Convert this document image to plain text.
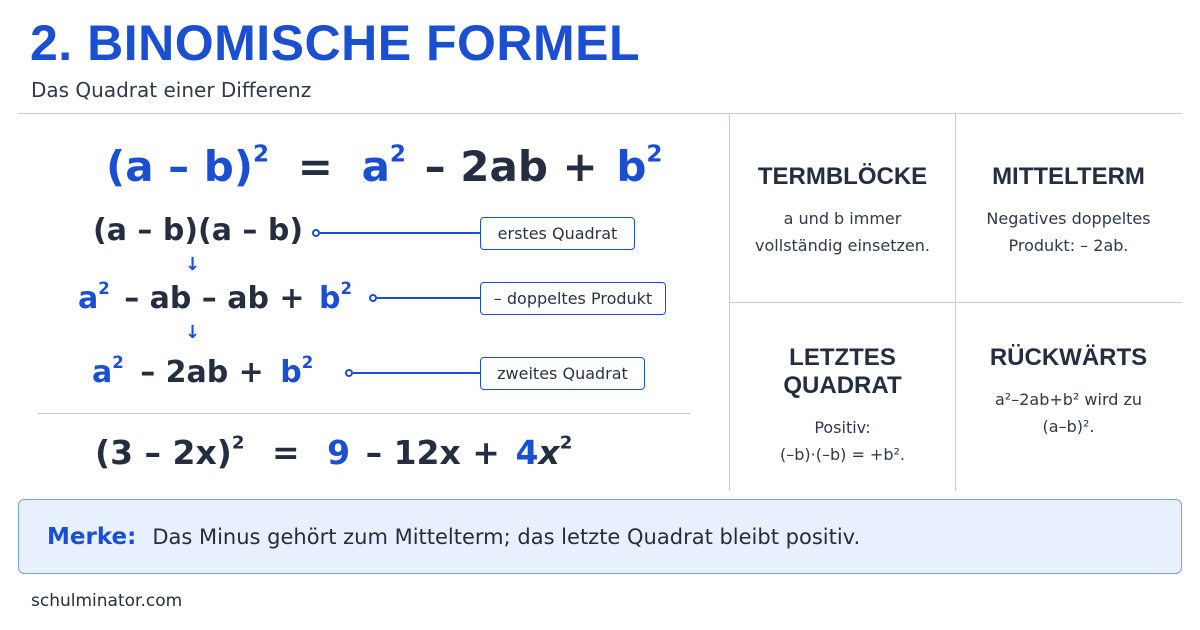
2. BINOMISCHE FORMEL
Das Quadrat einer Differenz
$(a - b)^2 = a^2 - 2ab + b^2$
(a – b)(a – b)	erstes Quadrat
↓
$a^2$ – ab – ab + $b^2$
– doppeltes Produkt
↓
$a^2 - 2ab + b^2$
zweites Quadrat
$(3 - 2x)^2 = 9 - 12x + 4x^2$
TERMBLÖCKE
a und b immer
vollständig einsetzen.
MITTELTERM
Negatives doppeltes
Produkt: – 2ab.
LETZTES QUADRAT
Positiv:
(–b)·(–b) = +b².
RÜCKWÄRTS
a²–2ab+b² wird zu
(a–b)².
Merke: Das Minus gehört zum Mittelterm; das letzte Quadrat bleibt positiv.
schulminator.com
